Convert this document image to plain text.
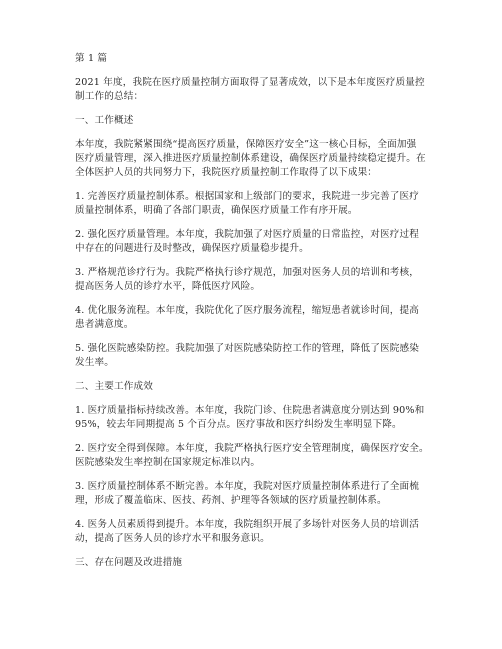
第 1 篇

2021 年度，我院在医疗质量控制方面取得了显著成效，以下是本年度医疗质量控

制工作的总结：

一、工作概述

本年度，我院紧紧围绕“提高医疗质量，保障医疗安全”这一核心目标，全面加强

医疗质量管理，深入推进医疗质量控制体系建设，确保医疗质量持续稳定提升。在

全体医护人员的共同努力下，我院医疗质量控制工作取得了以下成果：

1. 完善医疗质量控制体系。根据国家和上级部门的要求，我院进一步完善了医疗

质量控制体系，明确了各部门职责，确保医疗质量工作有序开展。

2. 强化医疗质量管理。本年度，我院加强了对医疗质量的日常监控，对医疗过程

中存在的问题进行及时整改，确保医疗质量稳步提升。

3. 严格规范诊疗行为。我院严格执行诊疗规范，加强对医务人员的培训和考核，

提高医务人员的诊疗水平，降低医疗风险。

4. 优化服务流程。本年度，我院优化了医疗服务流程，缩短患者就诊时间，提高

患者满意度。

5. 强化医院感染防控。我院加强了对医院感染防控工作的管理，降低了医院感染

发生率。

二、主要工作成效

1. 医疗质量指标持续改善。本年度，我院门诊、住院患者满意度分别达到 90%和

95%，较去年同期提高 5 个百分点。医疗事故和医疗纠纷发生率明显下降。

2. 医疗安全得到保障。本年度，我院严格执行医疗安全管理制度，确保医疗安全。

医院感染发生率控制在国家规定标准以内。

3. 医疗质量控制体系不断完善。本年度，我院对医疗质量控制体系进行了全面梳

理，形成了覆盖临床、医技、药剂、护理等各领域的医疗质量控制体系。

4. 医务人员素质得到提升。本年度，我院组织开展了多场针对医务人员的培训活

动，提高了医务人员的诊疗水平和服务意识。

三、存在问题及改进措施
